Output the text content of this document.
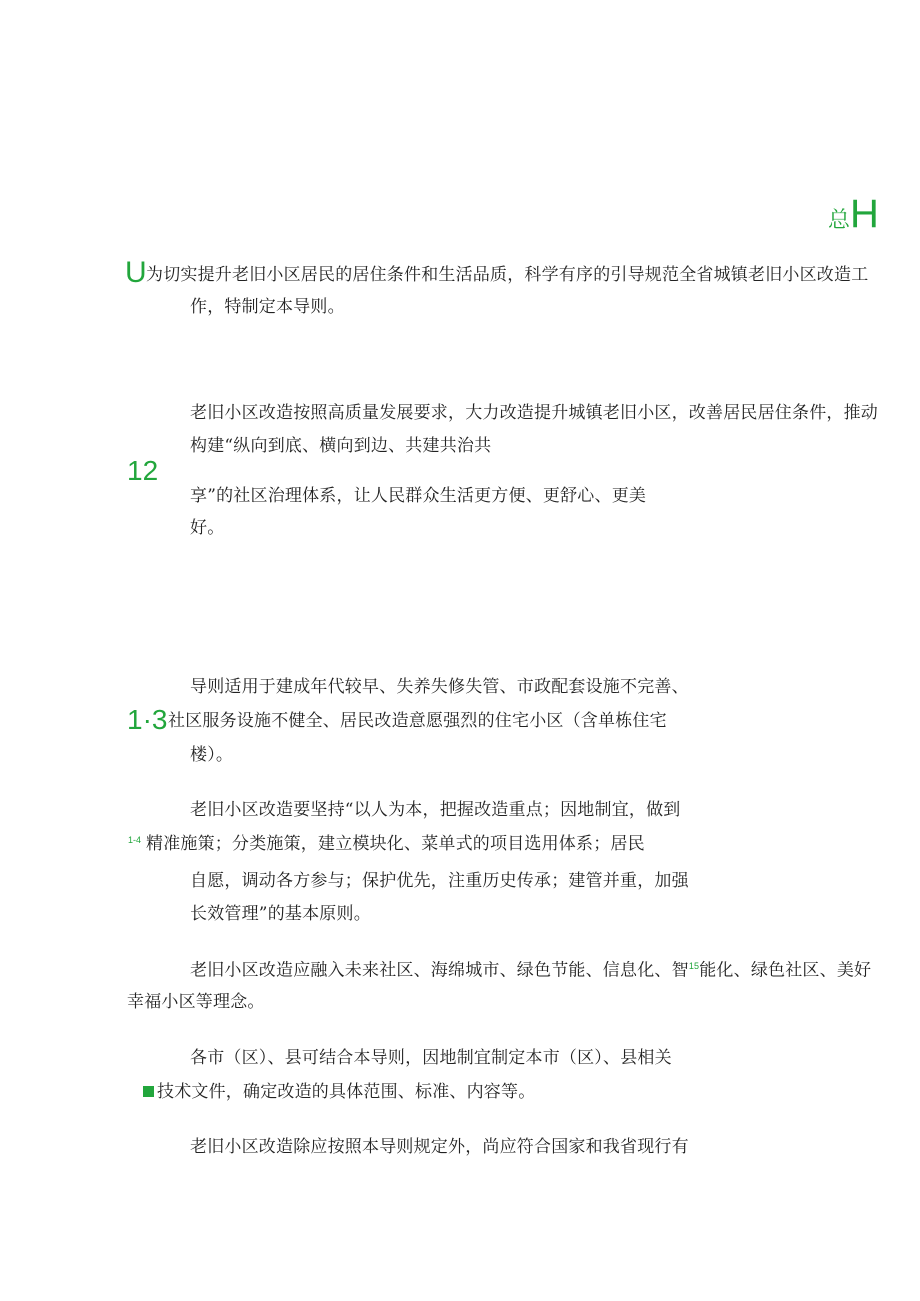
总H
U 为切实提升老旧小区居民的居住条件和生活品质，科学有序的引导规范全省城镇老旧小区改造工
作，特制定本导则。
老旧小区改造按照高质量发展要求，大力改造提升城镇老旧小区，改善居民居住条件，推动
构建“纵向到底、横向到边、共建共治共
12
享”的社区治理体系，让人民群众生活更方便、更舒心、更美
好。
导则适用于建成年代较早、失养失修失管、市政配套设施不完善、
1·3 社区服务设施不健全、居民改造意愿强烈的住宅小区（含单栋住宅
楼）。
老旧小区改造要坚持“以人为本，把握改造重点；因地制宜，做到
1-4 精准施策；分类施策，建立模块化、菜单式的项目选用体系；居民
自愿，调动各方参与；保护优先，注重历史传承；建管并重，加强
长效管理”的基本原则。
老旧小区改造应融入未来社区、海绵城市、绿色节能、信息化、智$^{15}$能化、绿色社区、美好
幸福小区等理念。
各市（区）、县可结合本导则，因地制宜制定本市（区）、县相关
技术文件，确定改造的具体范围、标准、内容等。
老旧小区改造除应按照本导则规定外，尚应符合国家和我省现行有
